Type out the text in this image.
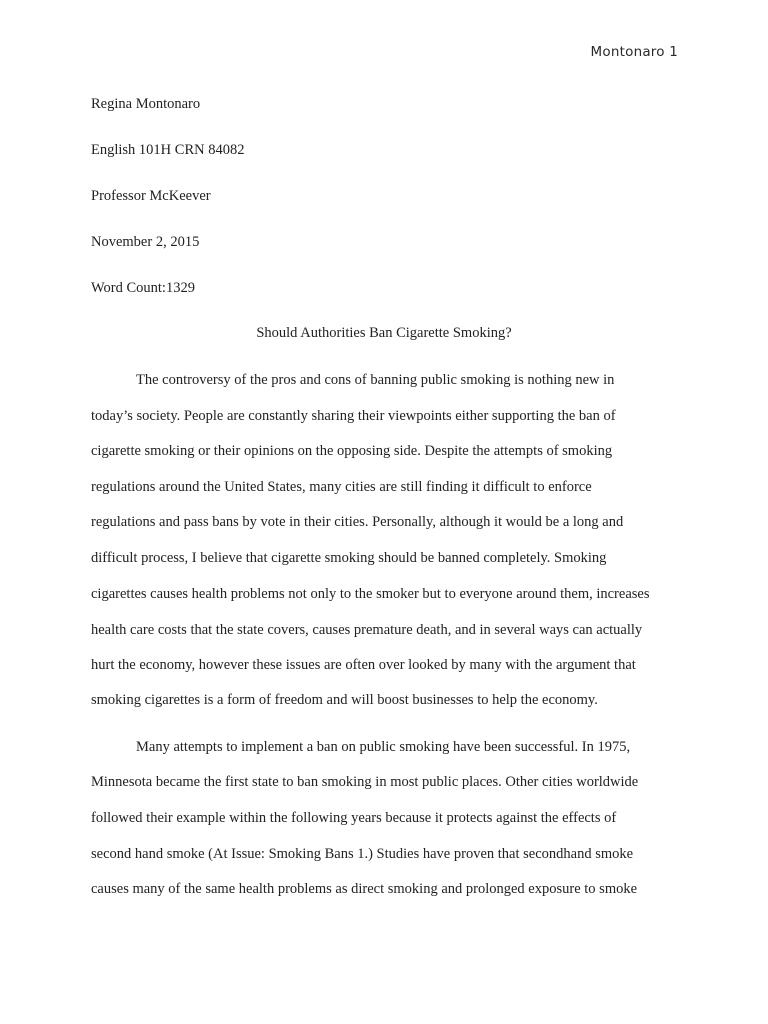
Montonaro 1
Regina Montonaro
English 101H CRN 84082
Professor McKeever
November 2, 2015
Word Count:1329
Should Authorities Ban Cigarette Smoking?
The controversy of the pros and cons of banning public smoking is nothing new in
today’s society. People are constantly sharing their viewpoints either supporting the ban of
cigarette smoking or their opinions on the opposing side. Despite the attempts of smoking
regulations around the United States, many cities are still finding it difficult to enforce
regulations and pass bans by vote in their cities. Personally, although it would be a long and
difficult process, I believe that cigarette smoking should be banned completely. Smoking
cigarettes causes health problems not only to the smoker but to everyone around them, increases
health care costs that the state covers, causes premature death, and in several ways can actually
hurt the economy, however these issues are often over looked by many with the argument that
smoking cigarettes is a form of freedom and will boost businesses to help the economy.
Many attempts to implement a ban on public smoking have been successful. In 1975,
Minnesota became the first state to ban smoking in most public places. Other cities worldwide
followed their example within the following years because it protects against the effects of
second hand smoke (At Issue: Smoking Bans 1.) Studies have proven that secondhand smoke
causes many of the same health problems as direct smoking and prolonged exposure to smoke
